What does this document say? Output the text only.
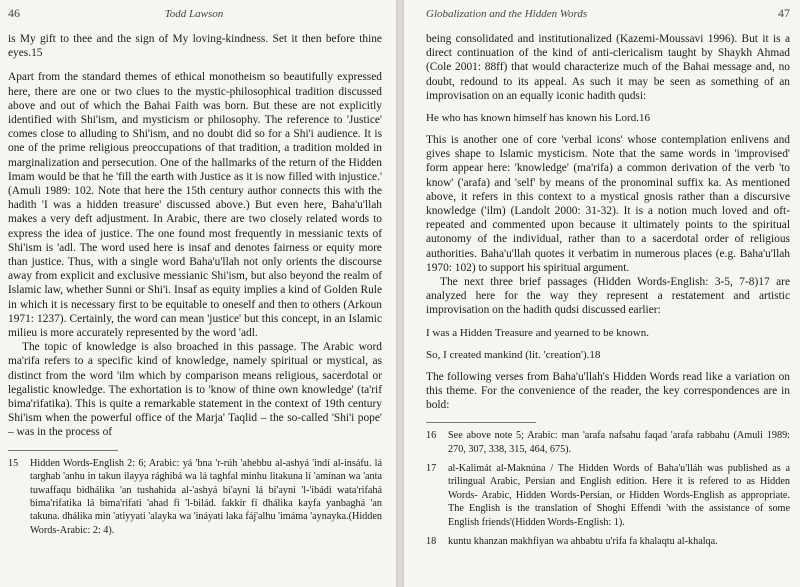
46	Todd Lawson

is My gift to thee and the sign of My loving-kindness. Set it then before thine eyes.15

Apart from the standard themes of ethical monotheism so beautifully expressed here, there are one or two clues to the mystic-philosophical tradition discussed above and out of which the Bahai Faith was born. But these are not explicitly identified with Shi'ism, and mysticism or philosophy. The reference to 'Justice' comes close to alluding to Shi'ism, and no doubt did so for a Shi'i audience. It is one of the prime religious preoccupations of that tradition, a tradition molded in marginalization and persecution. One of the hallmarks of the return of the Hidden Imam would be that he 'fill the earth with Justice as it is now filled with injustice.' (Amuli 1989: 102. Note that here the 15th century author connects this with the hadith 'I was a hidden treasure' discussed above.) But even here, Baha'u'llah makes a very deft adjustment. In Arabic, there are two closely related words to express the idea of justice. The one found most frequently in messianic texts of Shi'ism is 'adl. The word used here is insaf and denotes fairness or equity more than justice. Thus, with a single word Baha'u'llah not only orients the discourse away from explicit and exclusive messianic Shi'ism, but also beyond the realm of Islamic law, whether Sunni or Shi'i. Insaf as equity implies a kind of Golden Rule in which it is necessary first to be equitable to oneself and then to others (Arkoun 1971: 1237). Certainly, the word can mean 'justice' but this concept, in an Islamic milieu is more accurately represented by the word 'adl.

The topic of knowledge is also broached in this passage. The Arabic word ma'rifa refers to a specific kind of knowledge, namely spiritual or mystical, as distinct from the word 'ilm which by comparison means religious, sacerdotal or legalistic knowledge. The exhortation is to 'know of thine own knowledge' (ta'rif bima'rifatika). This is quite a remarkable statement in the context of 19th century Shi'ism when the powerful office of the Marja' Taqlid – the so-called 'Shi'i pope' – was in the process of

15	Hidden Words-English 2: 6; Arabic: yá 'bna 'r-rúh 'ahebbu al-ashyá 'indí al-insáfu. lá targhab 'anhu in takun ilayya rághibá wa lá taghfal minhu litakuna lí 'amínan wa 'anta tuwaffaqu bidhálika 'an tushahida al-'ashyá bi'ayni lá bi'ayni 'l-'ibádi wata'rifahá bima'rifatika lá bima'rifati 'ahad fi 'l-bilád. fakkir fí dhálika kayfa yanbaghá 'an takuna. dhálika min 'atiyyati 'alayka wa 'ináyati laka fáj'alhu 'imáma 'aynayka.(Hidden Words-Arabic: 2: 4).
Globalization and the Hidden Words	47

being consolidated and institutionalized (Kazemi-Moussavi 1996). But it is a direct continuation of the kind of anti-clericalism taught by Shaykh Ahmad (Cole 2001: 88ff) that would characterize much of the Bahai message and, no doubt, redound to its appeal. As such it may be seen as something of an improvisation on an equally iconic hadith qudsi:

He who has known himself has known his Lord.16

This is another one of core 'verbal icons' whose contemplation enlivens and gives shape to Islamic mysticism. Note that the same words in 'improvised' form appear here: 'knowledge' (ma'rifa) a common derivation of the verb 'to know' ('arafa) and 'self' by means of the pronominal suffix ka. As mentioned above, it refers in this context to a mystical gnosis rather than a discursive knowledge ('ilm) (Landolt 2000: 31-32). It is a notion much loved and oft-repeated and commented upon because it ultimately points to the spiritual autonomy of the individual, rather than to a sacerdotal order of religious authorities. Baha'u'llah quotes it verbatim in numerous places (e.g. Baha'u'llah 1970: 102) to support his spiritual argument.

The next three brief passages (Hidden Words-English: 3-5, 7-8)17 are analyzed here for the way they represent a restatement and artistic improvisation on the hadith qudsi discussed earlier:

I was a Hidden Treasure and yearned to be known.
So, I created mankind (lit. 'creation').18

The following verses from Baha'u'llah's Hidden Words read like a variation on this theme. For the convenience of the reader, the key correspondences are in bold:

16	See above note 5; Arabic: man 'arafa nafsahu faqad 'arafa rabbahu (Amuli 1989: 270, 307, 338, 315, 464, 675).
17	al-Kalimát al-Maknúna / The Hidden Words of Baha'u'lláh was published as a trilingual Arabic, Persian and English edition. Here it is refered to as Hidden Words- Arabic, Hidden Words-Persian, or Hidden Words-English as appropriate. The English is the translation of Shoghi Effendi 'with the assistance of some English friends'(Hidden Words-English: 1).
18	kuntu khanzan makhfiyan wa ahbabtu u'rifa fa khalaqtu al-khalqa.
